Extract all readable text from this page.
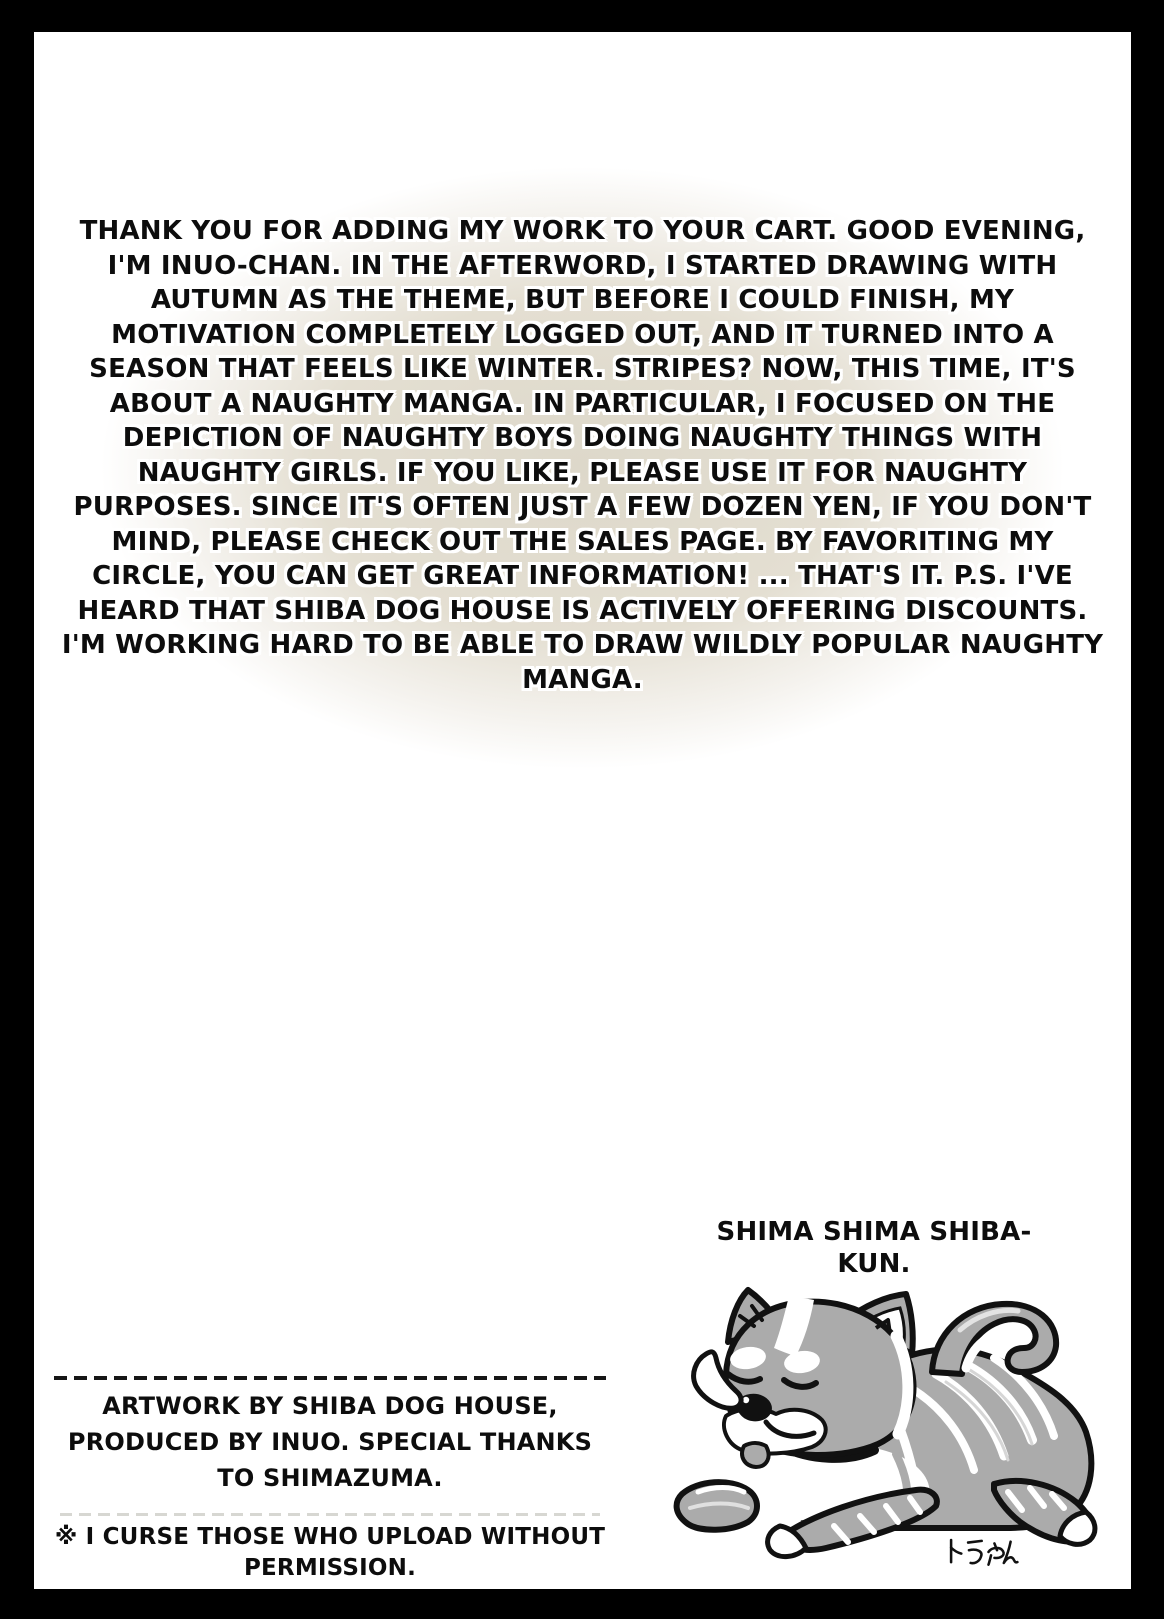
THANK YOU FOR ADDING MY WORK TO YOUR CART. GOOD EVENING, I'M INUO-CHAN. IN THE AFTERWORD, I STARTED DRAWING WITH AUTUMN AS THE THEME, BUT BEFORE I COULD FINISH, MY MOTIVATION COMPLETELY LOGGED OUT, AND IT TURNED INTO A SEASON THAT FEELS LIKE WINTER. STRIPES? NOW, THIS TIME, IT'S ABOUT A NAUGHTY MANGA. IN PARTICULAR, I FOCUSED ON THE DEPICTION OF NAUGHTY BOYS DOING NAUGHTY THINGS WITH NAUGHTY GIRLS. IF YOU LIKE, PLEASE USE IT FOR NAUGHTY PURPOSES. SINCE IT'S OFTEN JUST A FEW DOZEN YEN, IF YOU DON'T MIND, PLEASE CHECK OUT THE SALES PAGE. BY FAVORITING MY CIRCLE, YOU CAN GET GREAT INFORMATION! ... THAT'S IT. P.S. I'VE HEARD THAT SHIBA DOG HOUSE IS ACTIVELY OFFERING DISCOUNTS. I'M WORKING HARD TO BE ABLE TO DRAW WILDLY POPULAR NAUGHTY MANGA.
SHIMA SHIMA SHIBA-KUN.
ARTWORK BY SHIBA DOG HOUSE, PRODUCED BY INUO. SPECIAL THANKS TO SHIMAZUMA.
※ I CURSE THOSE WHO UPLOAD WITHOUT PERMISSION.
